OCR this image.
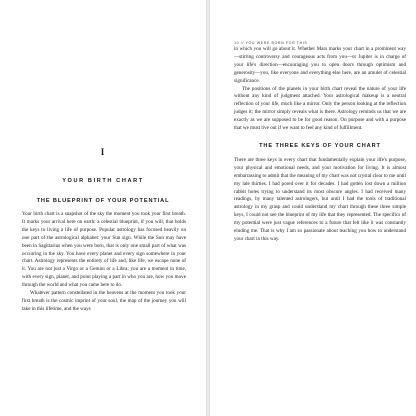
I
YOUR BIRTH CHART
THE BLUEPRINT OF YOUR POTENTIAL

Your birth chart is a snapshot of the sky the moment you took your first breath. It marks your arrival here on earth: a celestial blueprint, if you will, that holds the keys to living a life of purpose. Popular astrology has focused heavily on one part of the astrological alphabet: your Sun sign. While the Sun may have been in Sagittarius when you were born, that is only one small part of what was occurring in the sky. You have every planet and every sign somewhere in your chart. Astrology represents the entirety of life and, like life, we escape none of it. You are not just a Virgo or a Gemini or a Libra; you are a moment in time, with every sign, planet, and point playing a part in who you are, how you move through the world and what you came here to do.

Whatever pattern constellated in the heavens at the moment you took your first breath is the cosmic imprint of your soul, the map of the journey you will take in this lifetime, and the ways

10 // YOU WERE BORN FOR THIS

in which you will go about it. Whether Mars marks your chart in a prominent way—stirring controversy and courageous acts from you—or Jupiter is in charge of your life's direction—encouraging you to open doors through optimism and generosity—you, like everyone and everything else here, are an amulet of celestial significance.

The positions of the planets in your birth chart reveal the nature of your life without any kind of judgment attached. Your astrological makeup is a neutral reflection of your life, much like a mirror. Only the person looking at the reflection judges it; the mirror simply reveals what is there. Astrology reminds us that we are exactly as we are supposed to be for good reason. On purpose and with a purpose that we must live out if we want to feel any kind of fulfillment.

THE THREE KEYS OF YOUR CHART

There are three keys in every chart that fundamentally explain your life's purpose, your physical and emotional needs, and your motivation for living. It is almost embarrassing to admit that the meaning of my chart was not crystal clear to me until my late thirties. I had pored over it for decades. I had gotten lost down a million rabbit holes trying to understand its most obscure angles. I had received many readings, by many talented astrologers, but until I had the tools of traditional astrology in my grasp and could understand my chart through these three simple keys, I could not see the blueprint of my life that they represented. The specifics of my potential were just vague references to a future that felt like it was constantly eluding me. That is why I am so passionate about teaching you how to understand your chart in this way.
